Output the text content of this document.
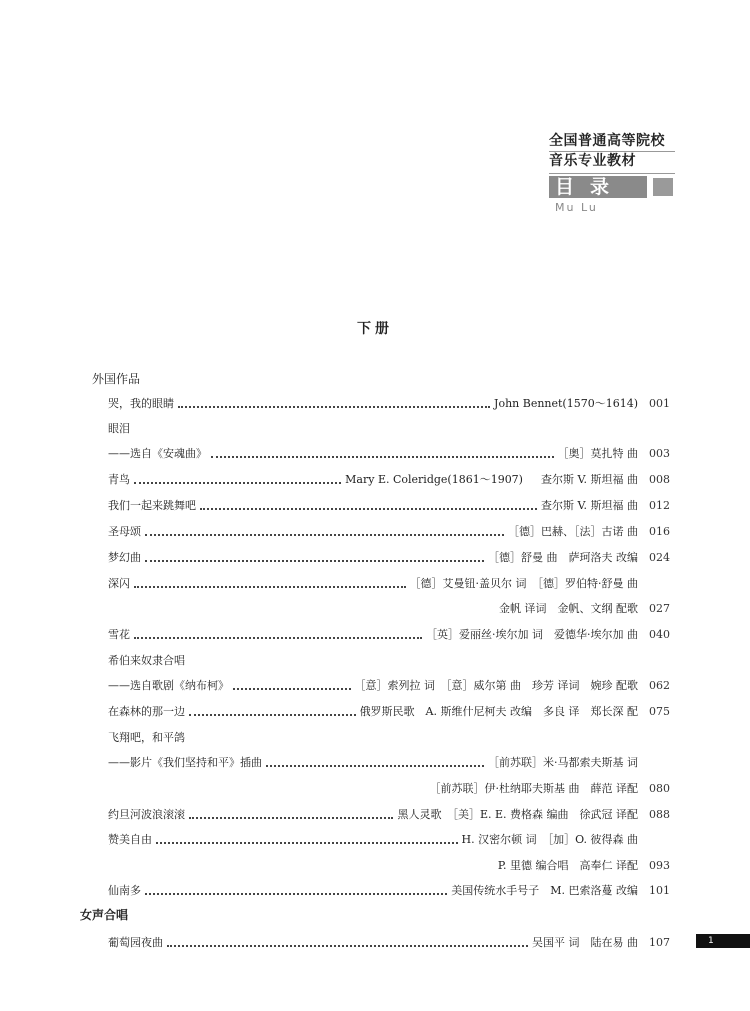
全国普通高等院校
音乐专业教材
目录
Mu Lu
下册
外国作品
哭，我的眼睛	John Bennet(1570～1614)	001
眼泪
——选自《安魂曲》	［奥］莫扎特 曲	003
青鸟	Mary E. Coleridge(1861～1907) 查尔斯 V. 斯坦福 曲	008
我们一起来跳舞吧	查尔斯 V. 斯坦福 曲	012
圣母颂	［德］巴赫、［法］古诺 曲	016
梦幻曲	［德］舒曼 曲　萨珂洛夫 改编	024
深闪	［德］艾曼钮·盖贝尔 词　［德］罗伯特·舒曼 曲
金帆 译词　金帆、文纲 配歌	027
雪花	［英］爱丽丝·埃尔加 词　爱德华·埃尔加 曲	040
希伯来奴隶合唱
——选自歌剧《纳布柯》	［意］索列拉 词　［意］威尔第 曲　珍芳 译词　婉珍 配歌	062
在森林的那一边	俄罗斯民歌　A. 斯维什尼柯夫 改编　多良 译　郑长深 配	075
飞翔吧，和平鸽
——影片《我们坚持和平》插曲	［前苏联］米·马都索夫斯基 词
［前苏联］伊·杜纳耶夫斯基 曲　薛范 译配	080
约旦河波浪滚滚	黑人灵歌　［美］E. E. 费格森 编曲　徐武冠 译配	088
赞美自由	H. 汉密尔顿 词　［加］O. 彼得森 曲
P. 里德 编合唱　高奉仁 译配	093
仙南多	美国传统水手号子　M. 巴索洛蔓 改编	101
女声合唱
葡萄园夜曲	吴国平 词　陆在易 曲	107	1
